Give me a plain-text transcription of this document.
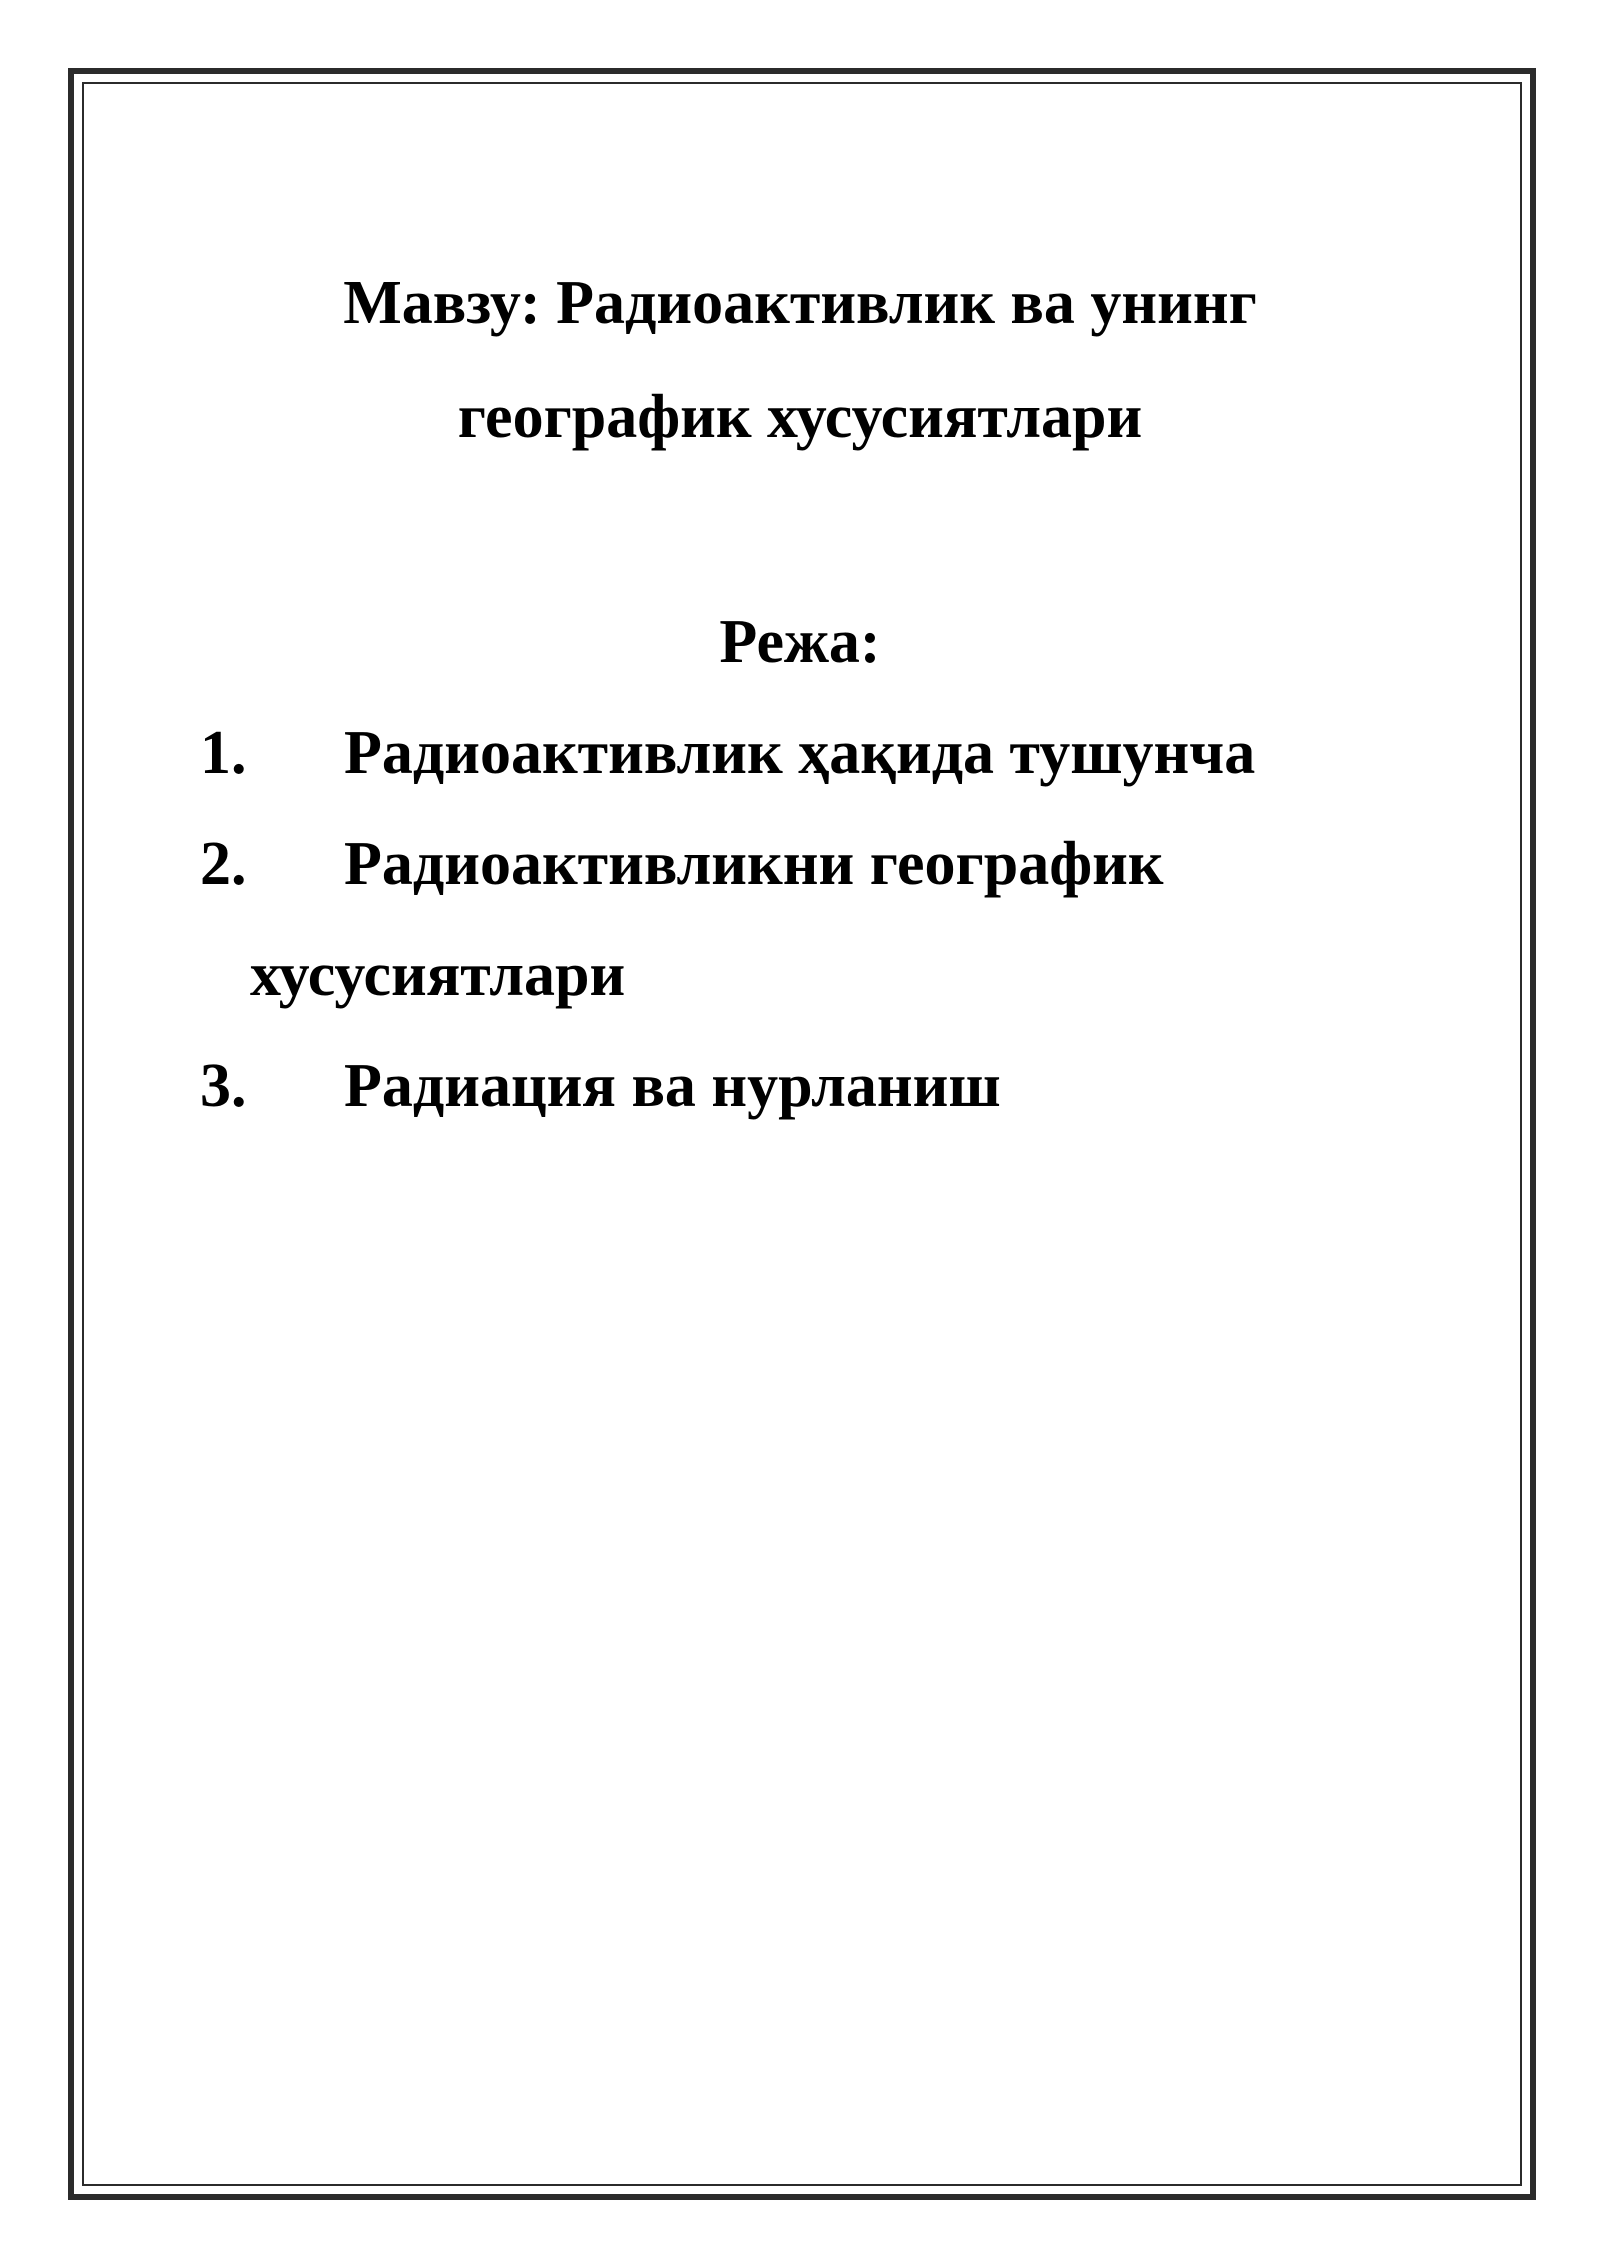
Мавзу: Радиоактивлик ва унинг
географик хусусиятлари
Режа:
1. Радиоактивлик ҳақида тушунча
2. Радиоактивликни географик
хусусиятлари
3. Радиация ва нурланиш
